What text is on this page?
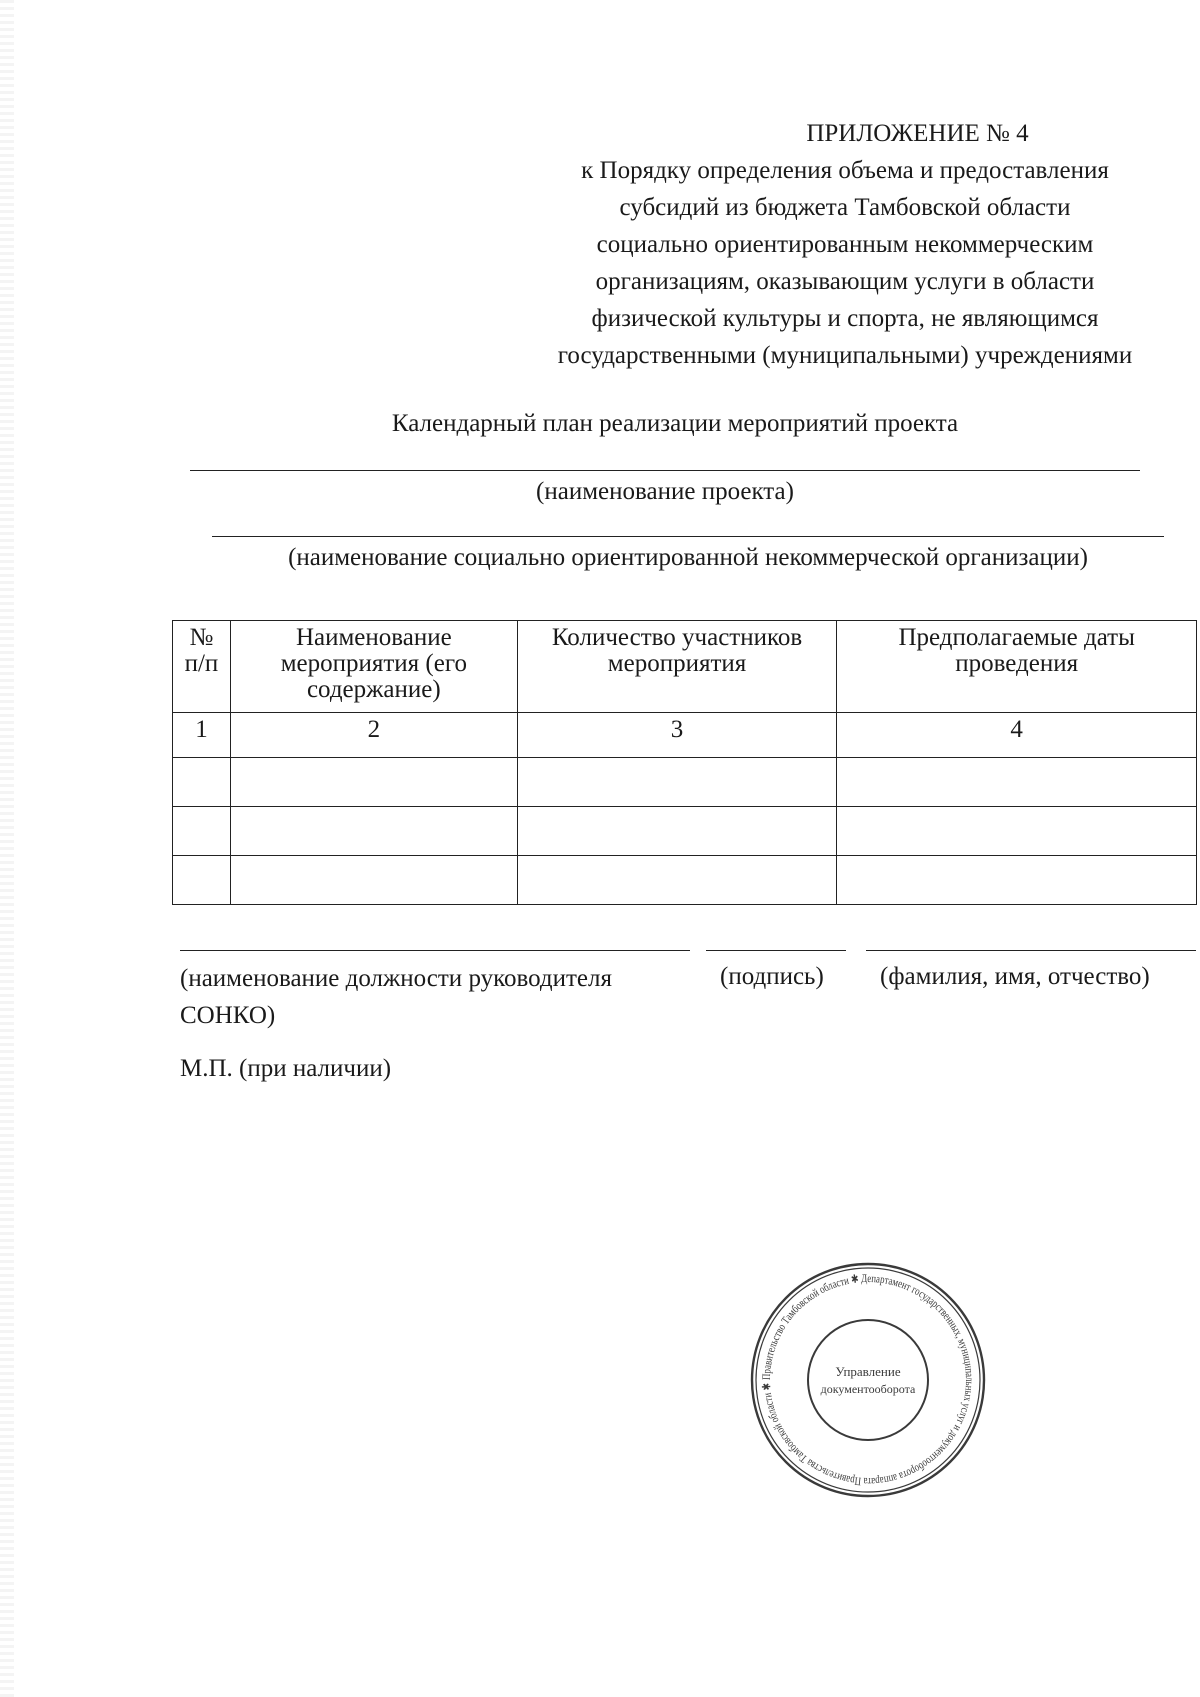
ПРИЛОЖЕНИЕ № 4
к Порядку определения объема и предоставления
субсидий из бюджета Тамбовской области
социально ориентированным некоммерческим
организациям, оказывающим услуги в области
физической культуры и спорта, не являющимся
государственными (муниципальными) учреждениями
Календарный план реализации мероприятий проекта
(наименование проекта)
(наименование социально ориентированной некоммерческой организации)
№ п/п	Наименование мероприятия (его содержание)	Количество участников мероприятия	Предполагаемые даты проведения
1	2	3	4

(наименование должности руководителя
СОНКО)
(подпись) (фамилия, имя, отчество)
М.П. (при наличии)
Правительство Тамбовской области ✱ Департамент государственных, муниципальных услуг и документооборота аппарата Правительства Тамбовской области ✱
Управление
документооборота
